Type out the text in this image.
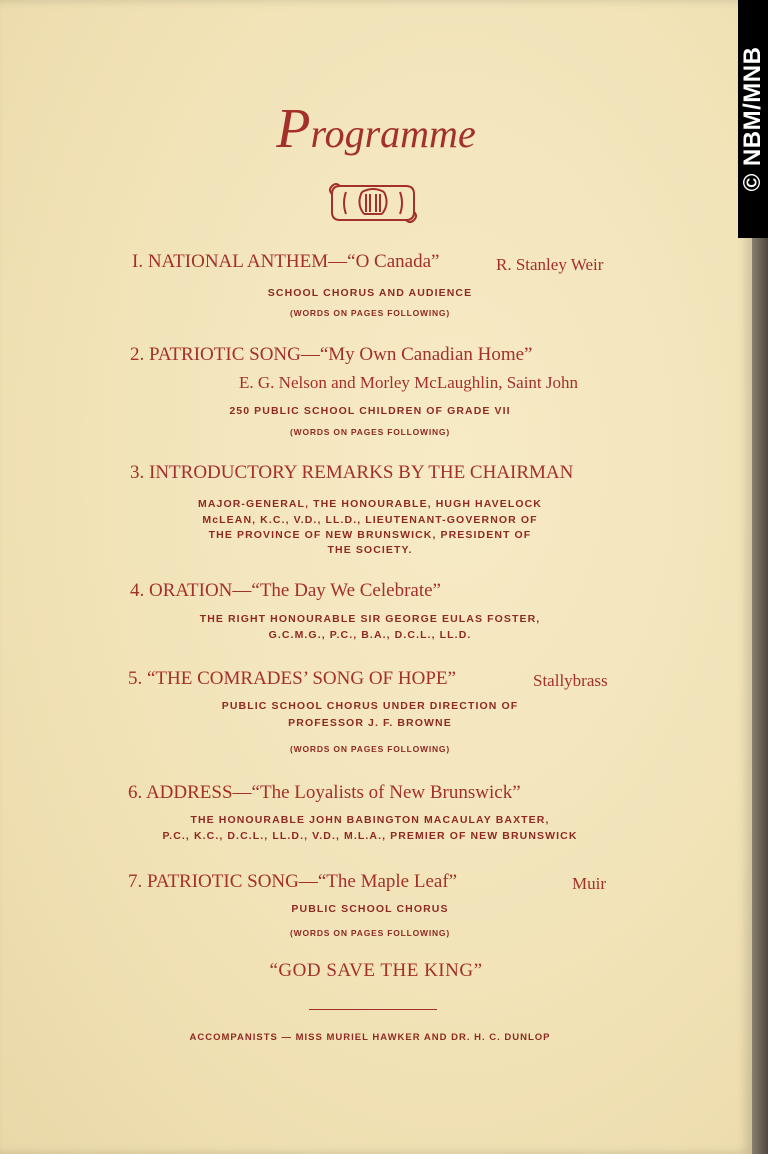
Programme
I. NATIONAL ANTHEM—“O Canada”	R. Stanley Weir
SCHOOL CHORUS AND AUDIENCE
(WORDS ON PAGES FOLLOWING)
2. PATRIOTIC SONG—“My Own Canadian Home”
E. G. Nelson and Morley McLaughlin, Saint John
250 PUBLIC SCHOOL CHILDREN OF GRADE VII
(WORDS ON PAGES FOLLOWING)
3. INTRODUCTORY REMARKS BY THE CHAIRMAN
MAJOR-GENERAL, THE HONOURABLE, HUGH HAVELOCK
McLEAN, K.C., V.D., LL.D., LIEUTENANT-GOVERNOR OF
THE PROVINCE OF NEW BRUNSWICK, PRESIDENT OF
THE SOCIETY.
4. ORATION—“The Day We Celebrate”
THE RIGHT HONOURABLE SIR GEORGE EULAS FOSTER,
G.C.M.G., P.C., B.A., D.C.L., LL.D.
5. “THE COMRADES’ SONG OF HOPE”	Stallybrass
PUBLIC SCHOOL CHORUS UNDER DIRECTION OF
PROFESSOR J. F. BROWNE
(WORDS ON PAGES FOLLOWING)
6. ADDRESS—“The Loyalists of New Brunswick”
THE HONOURABLE JOHN BABINGTON MACAULAY BAXTER,
P.C., K.C., D.C.L., LL.D., V.D., M.L.A., PREMIER OF NEW BRUNSWICK
7. PATRIOTIC SONG—“The Maple Leaf”	Muir
PUBLIC SCHOOL CHORUS
(WORDS ON PAGES FOLLOWING)
“GOD SAVE THE KING”
ACCOMPANISTS — MISS MURIEL HAWKER AND DR. H. C. DUNLOP
© NBM/MNB
